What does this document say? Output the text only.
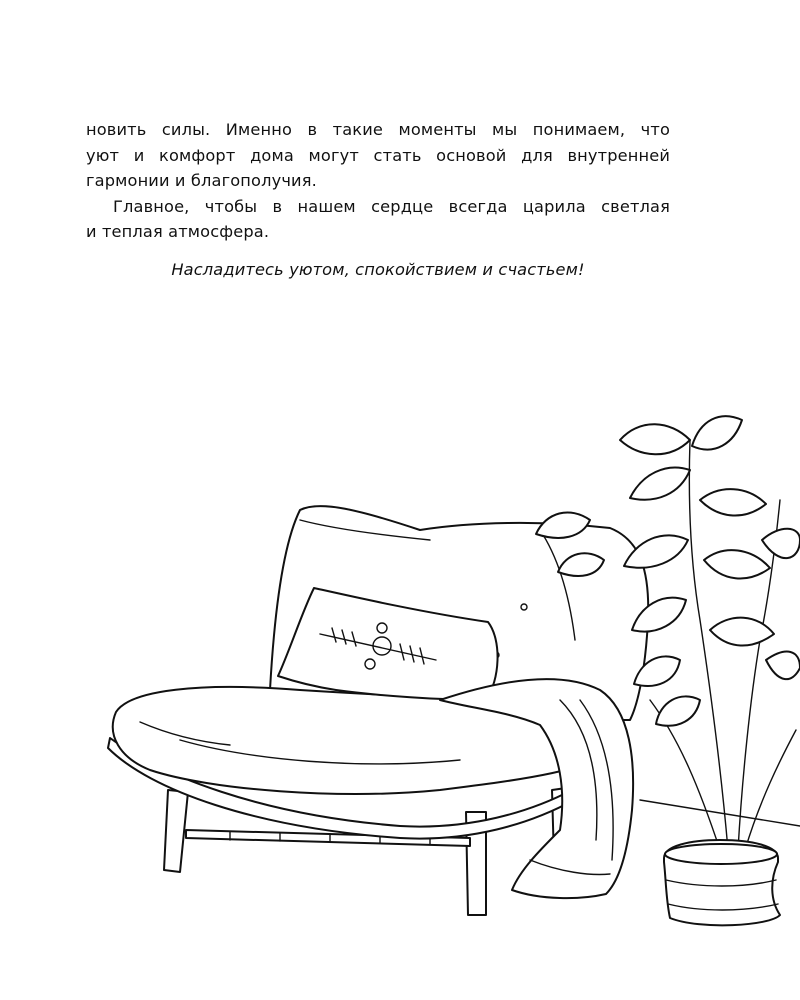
новить силы. Именно в такие моменты мы понимаем, что
уют и комфорт дома могут стать основой для внутренней
гармонии и благополучия.

Главное, чтобы в нашем сердце всегда царила светлая
и теплая атмосфера.

Насладитесь уютом, спокойствием и счастьем!
